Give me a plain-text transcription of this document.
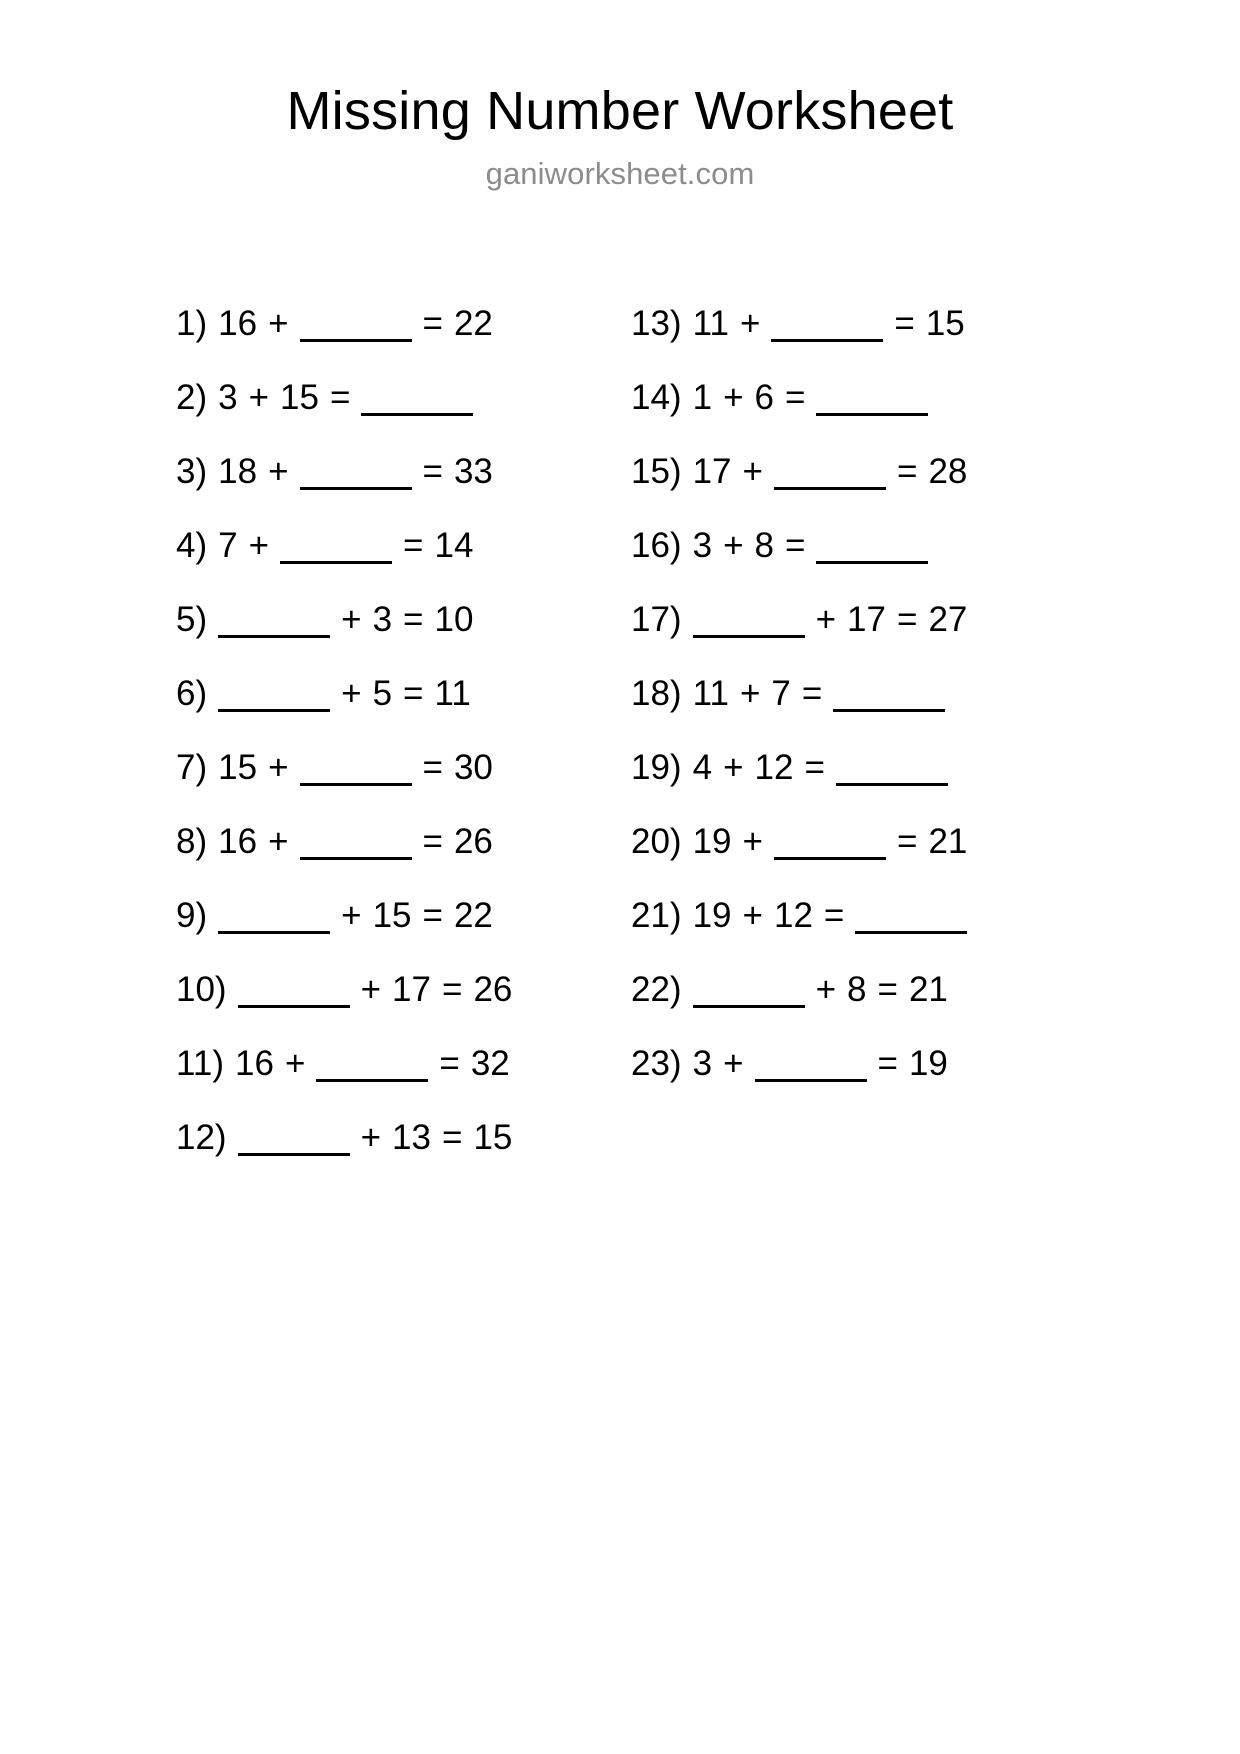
Missing Number Worksheet
ganiworksheet.com
1) 16 +	= 22
2) 3 + 15 =
3) 18 +	= 33
4) 7 +	= 14
5)	+ 3 = 10
6)	+ 5 = 11
7) 15 +	= 30
8) 16 +	= 26
9)	+ 15 = 22
10)	+ 17 = 26
11) 16 +	= 32
12)	+ 13 = 15
13) 11 +	= 15
14) 1 + 6 =
15) 17 +	= 28
16) 3 + 8 =
17)	+ 17 = 27
18) 11 + 7 =
19) 4 + 12 =
20) 19 +	= 21
21) 19 + 12 =
22)	+ 8 = 21
23) 3 +	= 19
